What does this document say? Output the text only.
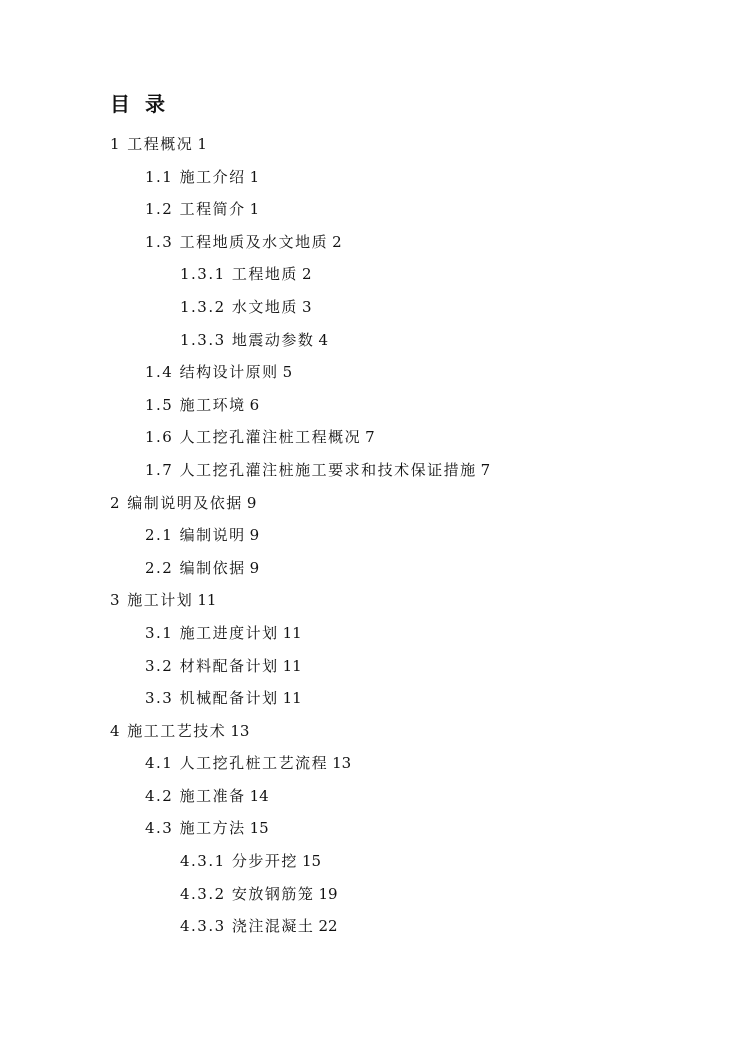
目 录
1 工程概况 1
1.1 施工介绍 1
1.2 工程简介 1
1.3 工程地质及水文地质 2
1.3.1 工程地质 2
1.3.2 水文地质 3
1.3.3 地震动参数 4
1.4 结构设计原则 5
1.5 施工环境 6
1.6 人工挖孔灌注桩工程概况 7
1.7 人工挖孔灌注桩施工要求和技术保证措施 7
2 编制说明及依据 9
2.1 编制说明 9
2.2 编制依据 9
3 施工计划 11
3.1 施工进度计划 11
3.2 材料配备计划 11
3.3 机械配备计划 11
4 施工工艺技术 13
4.1 人工挖孔桩工艺流程 13
4.2 施工准备 14
4.3 施工方法 15
4.3.1 分步开挖 15
4.3.2 安放钢筋笼 19
4.3.3 浇注混凝土 22
